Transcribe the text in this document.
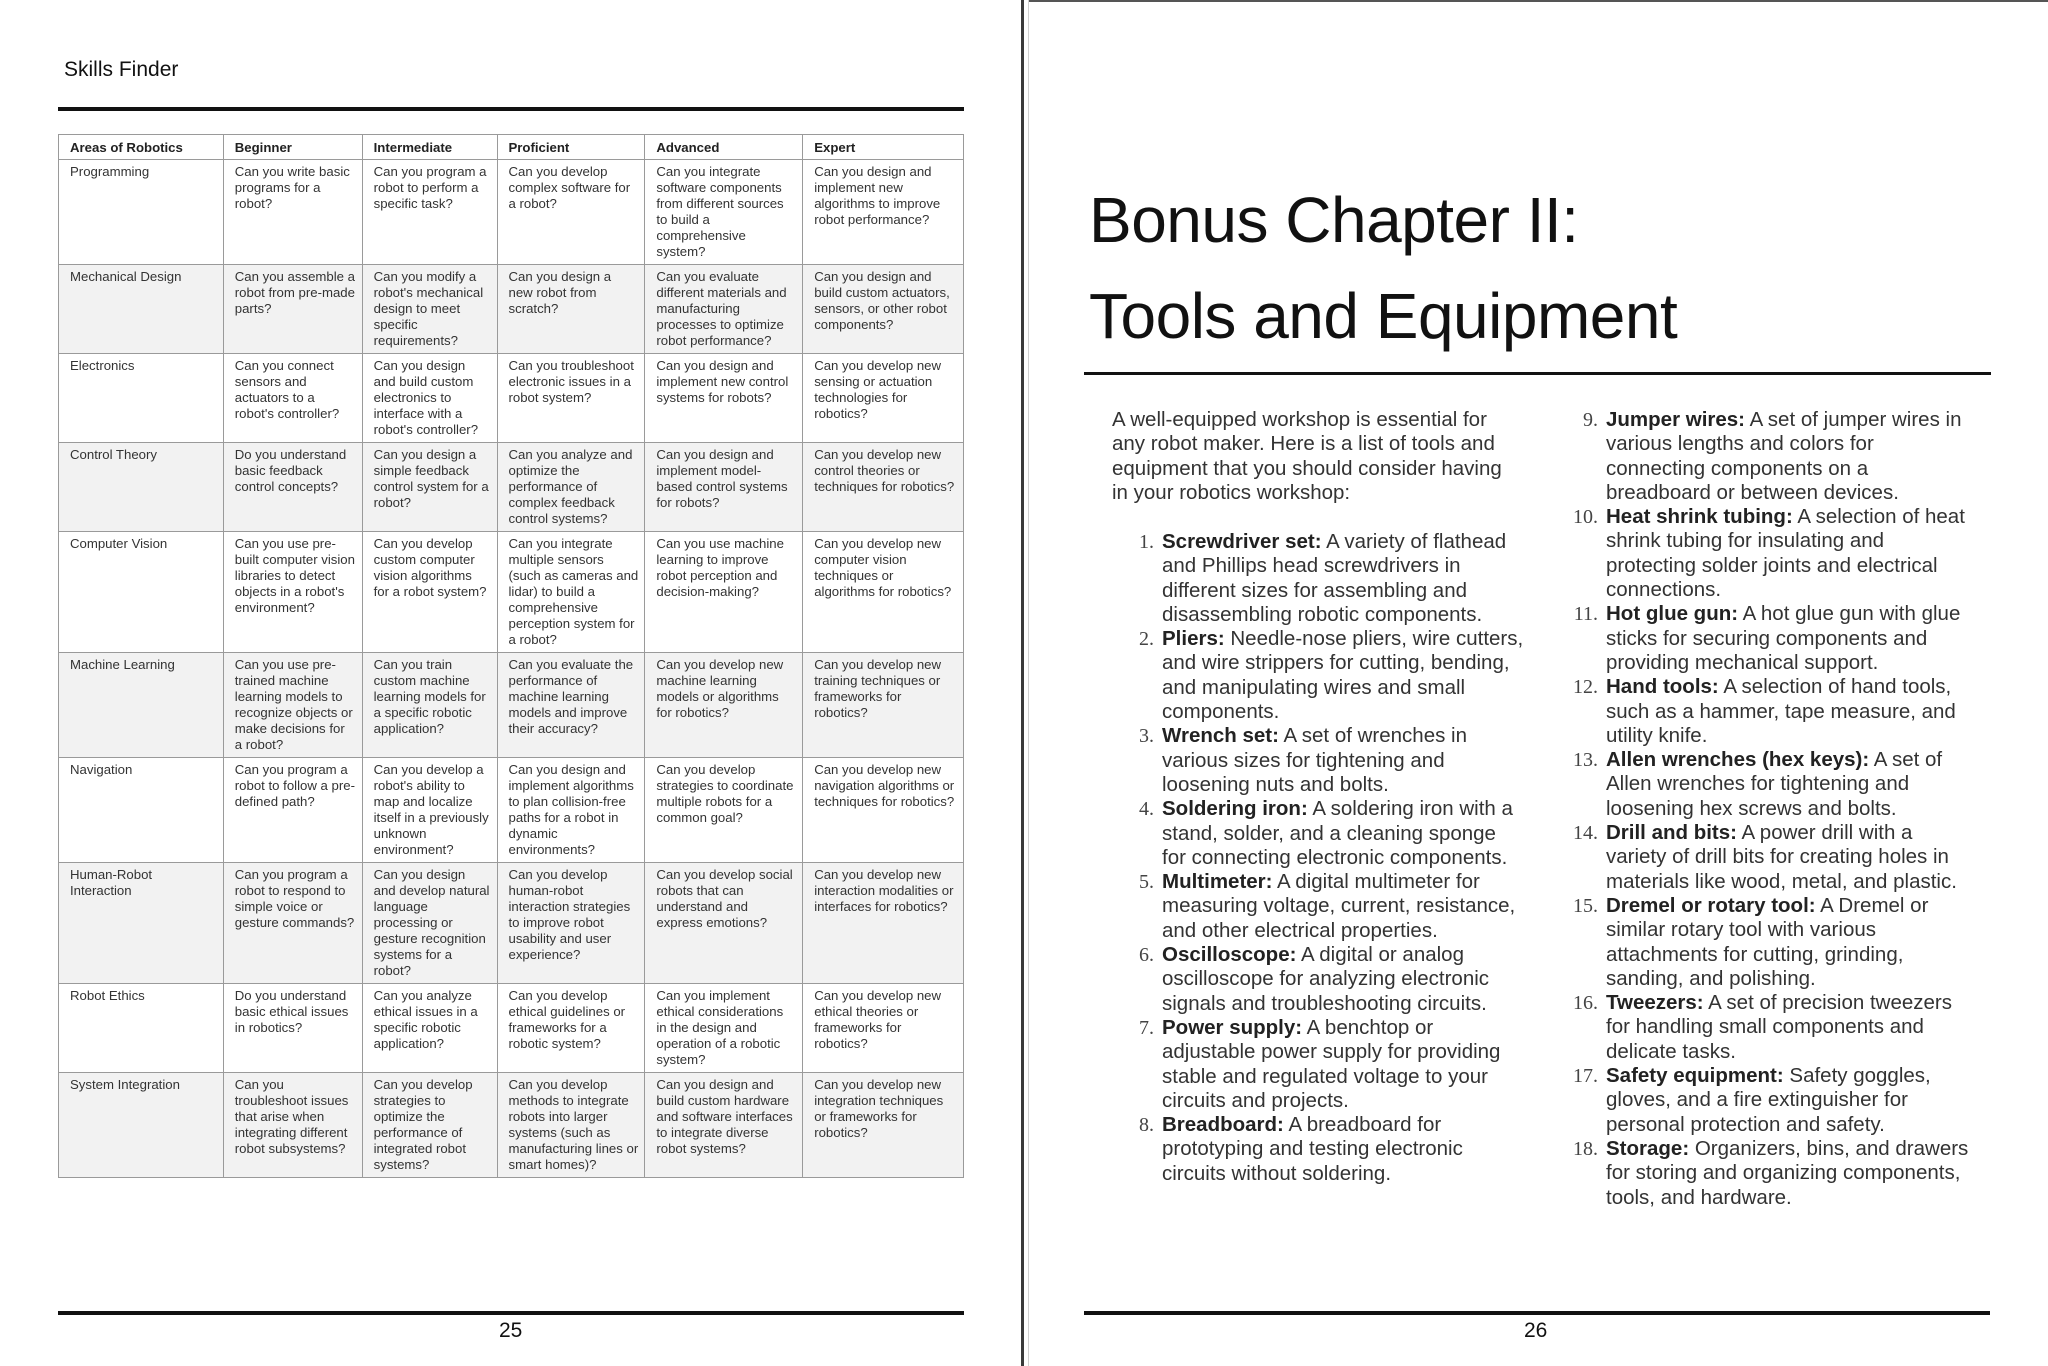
Skills Finder
Areas of Robotics	Beginner	Intermediate	Proficient	Advanced	Expert
Programming	Can you write basic programs for a robot?	Can you program a robot to perform a specific task?	Can you develop complex software for a robot?	Can you integrate software components from different sources to build a comprehensive system?	Can you design and implement new algorithms to improve robot performance?
Mechanical Design	Can you assemble a robot from pre-made parts?	Can you modify a robot's mechanical design to meet specific requirements?	Can you design a new robot from scratch?	Can you evaluate different materials and manufacturing processes to optimize robot performance?	Can you design and build custom actuators, sensors, or other robot components?
Electronics	Can you connect sensors and actuators to a robot's controller?	Can you design and build custom electronics to interface with a robot's controller?	Can you troubleshoot electronic issues in a robot system?	Can you design and implement new control systems for robots?	Can you develop new sensing or actuation technologies for robotics?
Control Theory	Do you understand basic feedback control concepts?	Can you design a simple feedback control system for a robot?	Can you analyze and optimize the performance of complex feedback control systems?	Can you design and implement model-based control systems for robots?	Can you develop new control theories or techniques for robotics?
Computer Vision	Can you use pre-built computer vision libraries to detect objects in a robot's environment?	Can you develop custom computer vision algorithms for a robot system?	Can you integrate multiple sensors (such as cameras and lidar) to build a comprehensive perception system for a robot?	Can you use machine learning to improve robot perception and decision-making?	Can you develop new computer vision techniques or algorithms for robotics?
Machine Learning	Can you use pre-trained machine learning models to recognize objects or make decisions for a robot?	Can you train custom machine learning models for a specific robotic application?	Can you evaluate the performance of machine learning models and improve their accuracy?	Can you develop new machine learning models or algorithms for robotics?	Can you develop new training techniques or frameworks for robotics?
Navigation	Can you program a robot to follow a pre-defined path?	Can you develop a robot's ability to map and localize itself in a previously unknown environment?	Can you design and implement algorithms to plan collision-free paths for a robot in dynamic environments?	Can you develop strategies to coordinate multiple robots for a common goal?	Can you develop new navigation algorithms or techniques for robotics?
Human-Robot Interaction	Can you program a robot to respond to simple voice or gesture commands?	Can you design and develop natural language processing or gesture recognition systems for a robot?	Can you develop human-robot interaction strategies to improve robot usability and user experience?	Can you develop social robots that can understand and express emotions?	Can you develop new interaction modalities or interfaces for robotics?
Robot Ethics	Do you understand basic ethical issues in robotics?	Can you analyze ethical issues in a specific robotic application?	Can you develop ethical guidelines or frameworks for a robotic system?	Can you implement ethical considerations in the design and operation of a robotic system?	Can you develop new ethical theories or frameworks for robotics?
System Integration	Can you troubleshoot issues that arise when integrating different robot subsystems?	Can you develop strategies to optimize the performance of integrated robot systems?	Can you develop methods to integrate robots into larger systems (such as manufacturing lines or smart homes)?	Can you design and build custom hardware and software interfaces to integrate diverse robot systems?	Can you develop new integration techniques or frameworks for robotics?
25
Bonus Chapter II:
Tools and Equipment

A well-equipped workshop is essential for any robot maker. Here is a list of tools and equipment that you should consider having in your robotics workshop:

1. Screwdriver set: A variety of flathead and Phillips head screwdrivers in different sizes for assembling and disassembling robotic components.
2. Pliers: Needle-nose pliers, wire cutters, and wire strippers for cutting, bending, and manipulating wires and small components.
3. Wrench set: A set of wrenches in various sizes for tightening and loosening nuts and bolts.
4. Soldering iron: A soldering iron with a stand, solder, and a cleaning sponge for connecting electronic components.
5. Multimeter: A digital multimeter for measuring voltage, current, resistance, and other electrical properties.
6. Oscilloscope: A digital or analog oscilloscope for analyzing electronic signals and troubleshooting circuits.
7. Power supply: A benchtop or adjustable power supply for providing stable and regulated voltage to your circuits and projects.
8. Breadboard: A breadboard for prototyping and testing electronic circuits without soldering.
9. Jumper wires: A set of jumper wires in various lengths and colors for connecting components on a breadboard or between devices.
10. Heat shrink tubing: A selection of heat shrink tubing for insulating and protecting solder joints and electrical connections.
11. Hot glue gun: A hot glue gun with glue sticks for securing components and providing mechanical support.
12. Hand tools: A selection of hand tools, such as a hammer, tape measure, and utility knife.
13. Allen wrenches (hex keys): A set of Allen wrenches for tightening and loosening hex screws and bolts.
14. Drill and bits: A power drill with a variety of drill bits for creating holes in materials like wood, metal, and plastic.
15. Dremel or rotary tool: A Dremel or similar rotary tool with various attachments for cutting, grinding, sanding, and polishing.
16. Tweezers: A set of precision tweezers for handling small components and delicate tasks.
17. Safety equipment: Safety goggles, gloves, and a fire extinguisher for personal protection and safety.
18. Storage: Organizers, bins, and drawers for storing and organizing components, tools, and hardware.
26
